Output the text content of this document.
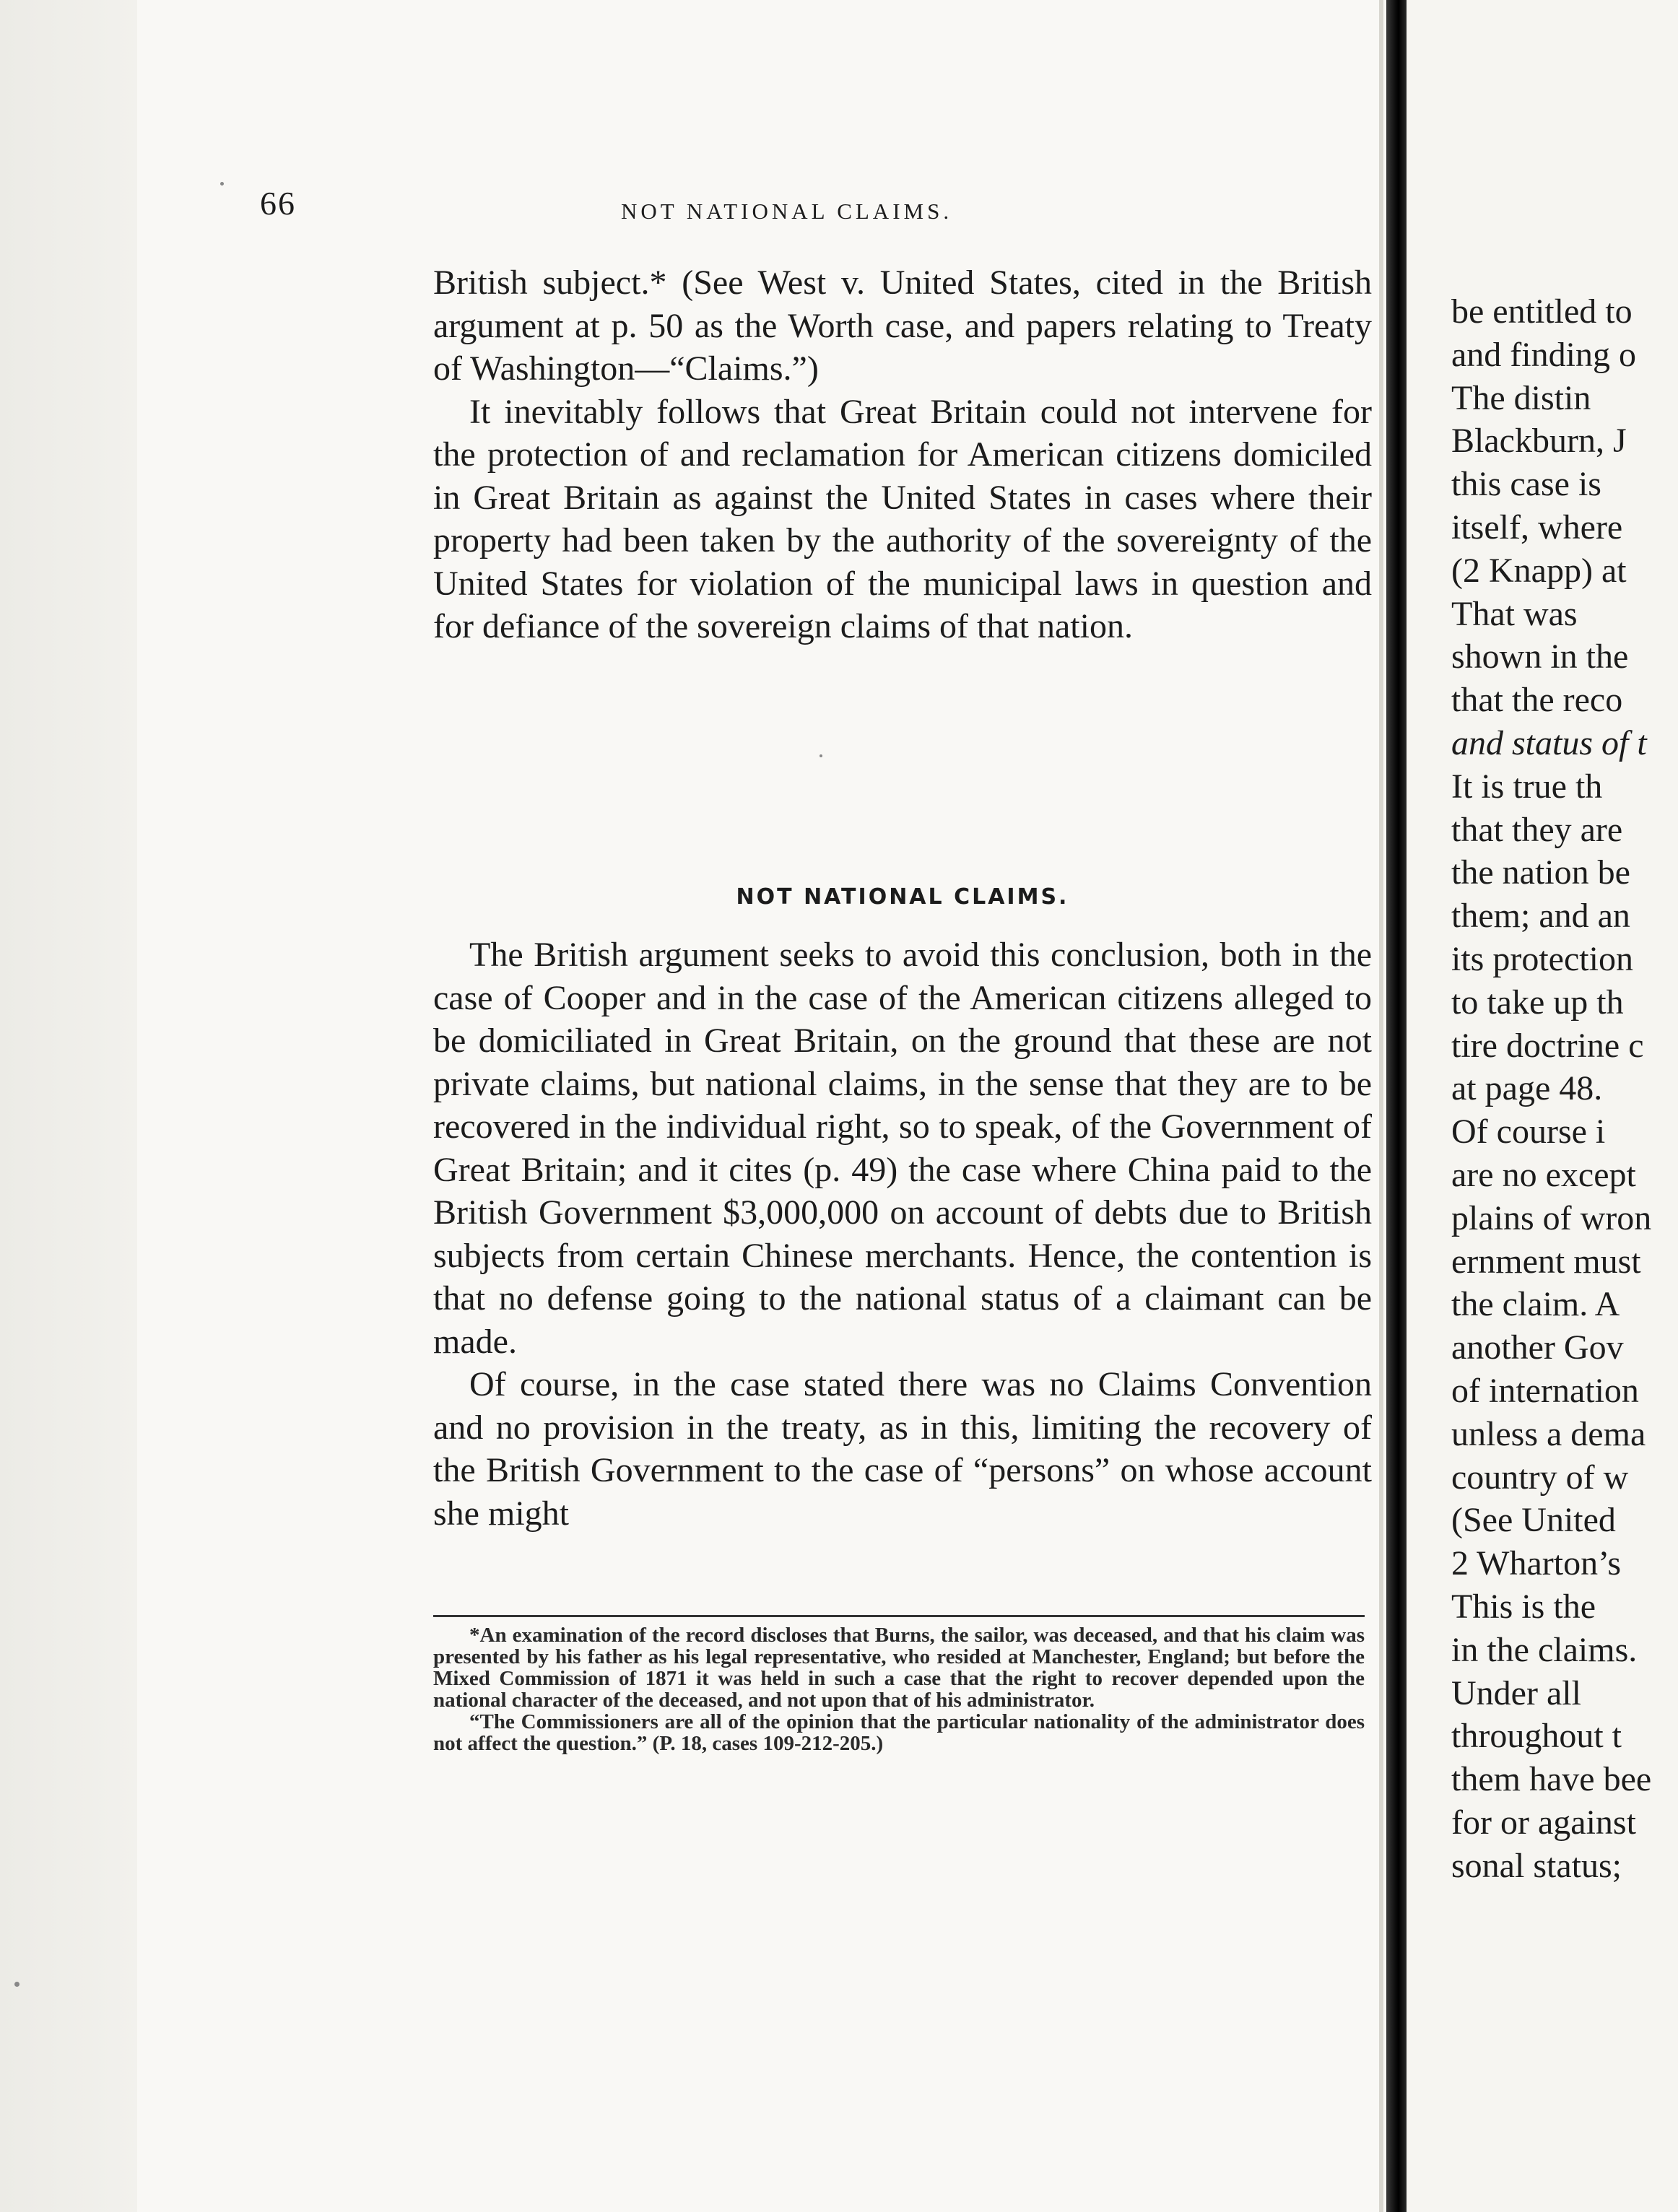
66	NOT NATIONAL CLAIMS.

British subject.* (See West v. United States, cited in the British argument at p. 50 as the Worth case, and papers relating to Treaty of Washington—“Claims.”)

It inevitably follows that Great Britain could not intervene for the protection of and reclamation for American citizens domiciled in Great Britain as against the United States in cases where their property had been taken by the authority of the sovereignty of the United States for violation of the municipal laws in question and for defiance of the sovereign claims of that nation.

NOT NATIONAL CLAIMS.

The British argument seeks to avoid this conclusion, both in the case of Cooper and in the case of the American citizens alleged to be domiciliated in Great Britain, on the ground that these are not private claims, but national claims, in the sense that they are to be recovered in the individual right, so to speak, of the Government of Great Britain; and it cites (p. 49) the case where China paid to the British Government $3,000,000 on account of debts due to British subjects from certain Chinese merchants. Hence, the contention is that no defense going to the national status of a claimant can be made.

Of course, in the case stated there was no Claims Convention and no provision in the treaty, as in this, limiting the recovery of the British Government to the case of “persons” on whose account she might

*An examination of the record discloses that Burns, the sailor, was deceased, and that his claim was presented by his father as his legal representative, who resided at Manchester, England; but before the Mixed Commission of 1871 it was held in such a case that the right to recover depended upon the national character of the deceased, and not upon that of his administrator.

“The Commissioners are all of the opinion that the particular nationality of the administrator does not affect the question.” (P. 18, cases 109-212-205.)

be entitled to
and finding o
The distin
Blackburn, J
this case is
itself, where
(2 Knapp) at
That was
shown in the
that the reco
and status of t
It is true th
that they are
the nation be
them; and an
its protection
to take up th
tire doctrine c
at page 48.
Of course i
are no except
plains of wron
ernment must
the claim. A
another Gov
of internation
unless a dema
country of w
(See United
2 Wharton’s
This is the
in the claims.
Under all
throughout t
them have bee
for or against
sonal status;
